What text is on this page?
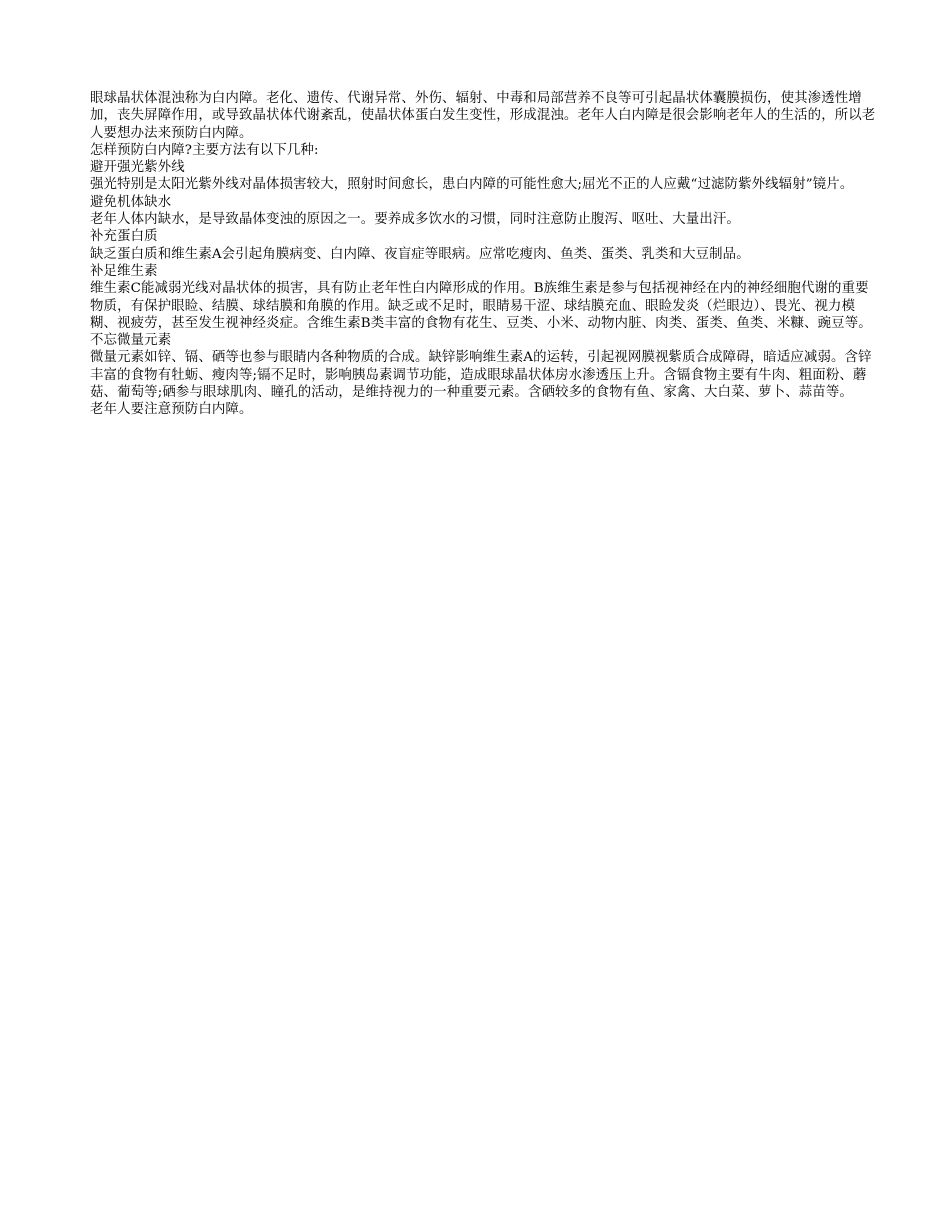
眼球晶状体混浊称为白内障。老化、遗传、代谢异常、外伤、辐射、中毒和局部营养不良等可引起晶状体囊膜损伤，使其渗透性增加，丧失屏障作用，或导致晶状体代谢紊乱，使晶状体蛋白发生变性，形成混浊。老年人白内障是很会影响老年人的生活的，所以老人要想办法来预防白内障。

怎样预防白内障?主要方法有以下几种:

避开强光紫外线

强光特别是太阳光紫外线对晶体损害较大，照射时间愈长，患白内障的可能性愈大;屈光不正的人应戴“过滤防紫外线辐射”镜片。

避免机体缺水

老年人体内缺水，是导致晶体变浊的原因之一。要养成多饮水的习惯，同时注意防止腹泻、呕吐、大量出汗。

补充蛋白质

缺乏蛋白质和维生素A会引起角膜病变、白内障、夜盲症等眼病。应常吃瘦肉、鱼类、蛋类、乳类和大豆制品。

补足维生素

维生素C能减弱光线对晶状体的损害，具有防止老年性白内障形成的作用。B族维生素是参与包括视神经在内的神经细胞代谢的重要物质，有保护眼睑、结膜、球结膜和角膜的作用。缺乏或不足时，眼睛易干涩、球结膜充血、眼睑发炎（烂眼边）、畏光、视力模糊、视疲劳，甚至发生视神经炎症。含维生素B类丰富的食物有花生、豆类、小米、动物内脏、肉类、蛋类、鱼类、米糠、豌豆等。

不忘微量元素

微量元素如锌、镉、硒等也参与眼睛内各种物质的合成。缺锌影响维生素A的运转，引起视网膜视紫质合成障碍，暗适应减弱。含锌丰富的食物有牡蛎、瘦肉等;镉不足时，影响胰岛素调节功能，造成眼球晶状体房水渗透压上升。含镉食物主要有牛肉、粗面粉、蘑菇、葡萄等;硒参与眼球肌肉、瞳孔的活动，是维持视力的一种重要元素。含硒较多的食物有鱼、家禽、大白菜、萝卜、蒜苗等。

老年人要注意预防白内障。
